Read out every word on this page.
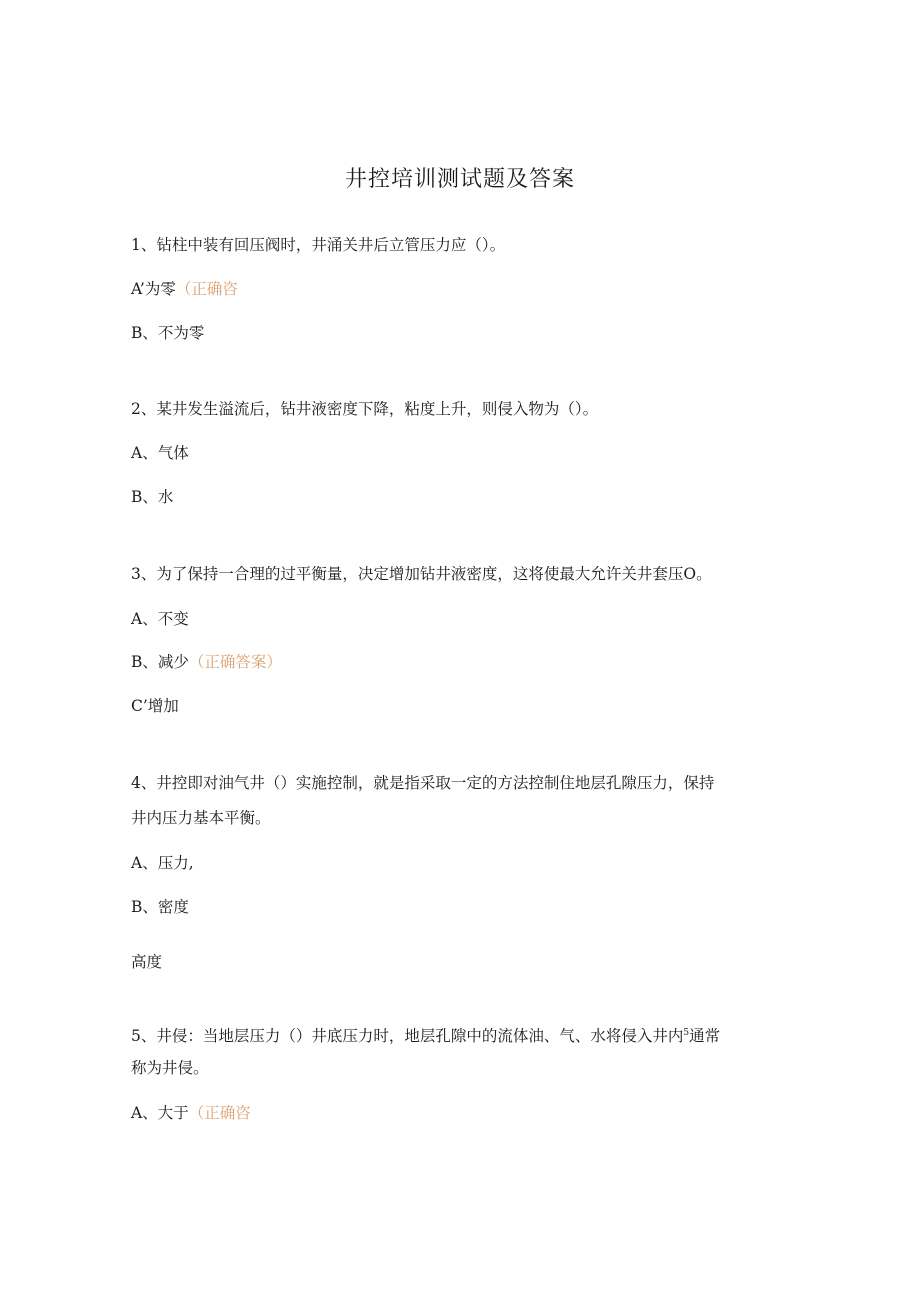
井控培训测试题及答案
1、钻柱中装有回压阀时，井涌关井后立管压力应（）。
A’为零（正确咨
B、不为零
2、某井发生溢流后，钻井液密度下降，粘度上升，则侵入物为（）。
A、气体
B、水
3、为了保持一合理的过平衡量，决定增加钻井液密度，这将使最大允许关井套压O。
A、不变
B、减少（正确答案）
C’增加
4、井控即对油气井（）实施控制，就是指采取一定的方法控制住地层孔隙压力，保持
井内压力基本平衡。
A、压力,
B、密度
高度
5、井侵：当地层压力（）井底压力时，地层孔隙中的流体油、气、水将侵入井内$^5$通常
称为井侵。
A、大于（正确咨
